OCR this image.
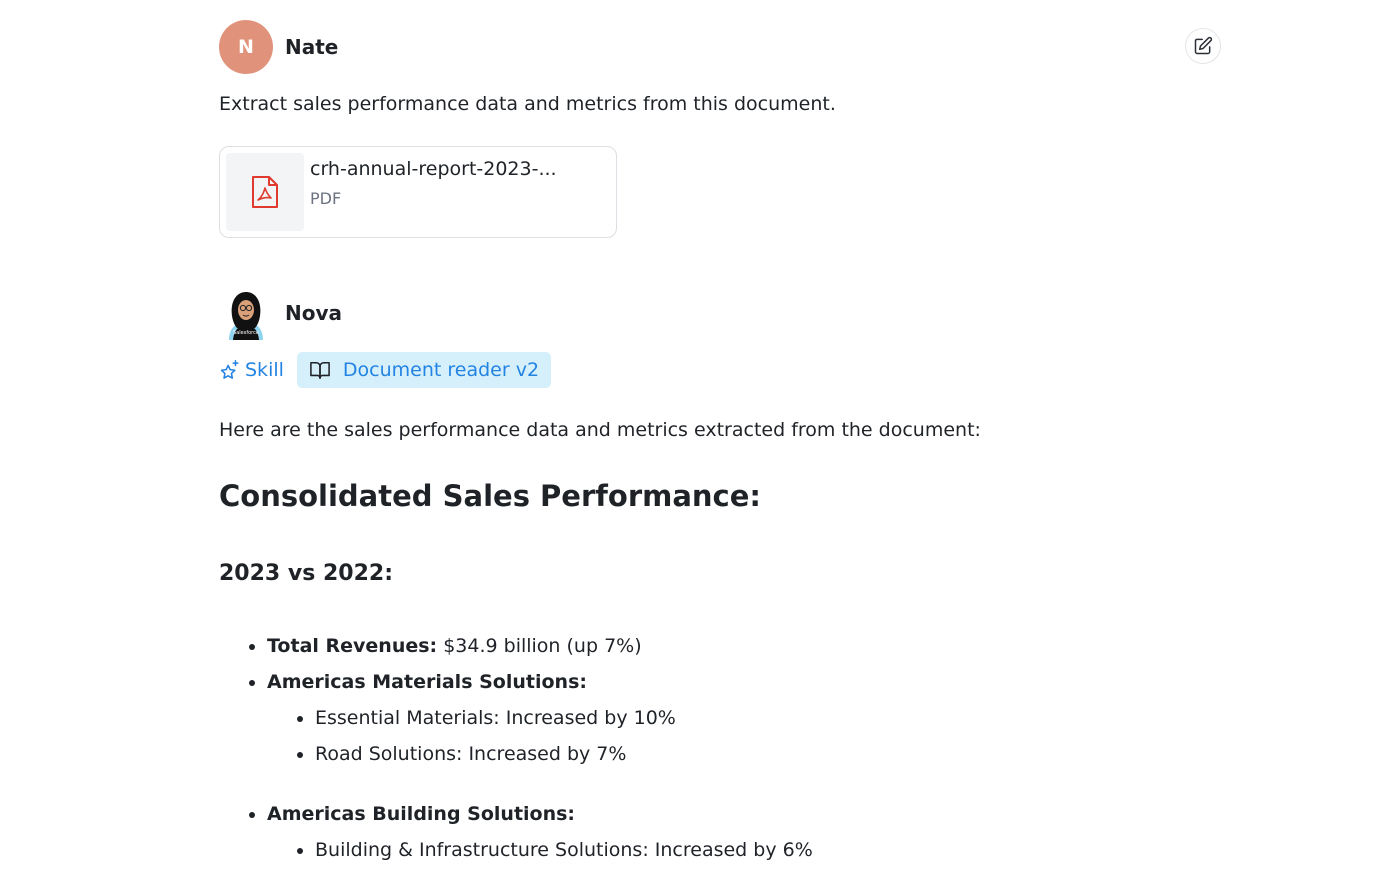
N	Nate
Extract sales performance data and metrics from this document.
crh-annual-report-2023-...
PDF
Salesforce
Nova
Skill	Document reader v2
Here are the sales performance data and metrics extracted from the document:
Consolidated Sales Performance:
2023 vs 2022:
• Total Revenues: $34.9 billion (up 7%)
• Americas Materials Solutions:
• Essential Materials: Increased by 10%
• Road Solutions: Increased by 7%
• Americas Building Solutions:
• Building & Infrastructure Solutions: Increased by 6%
